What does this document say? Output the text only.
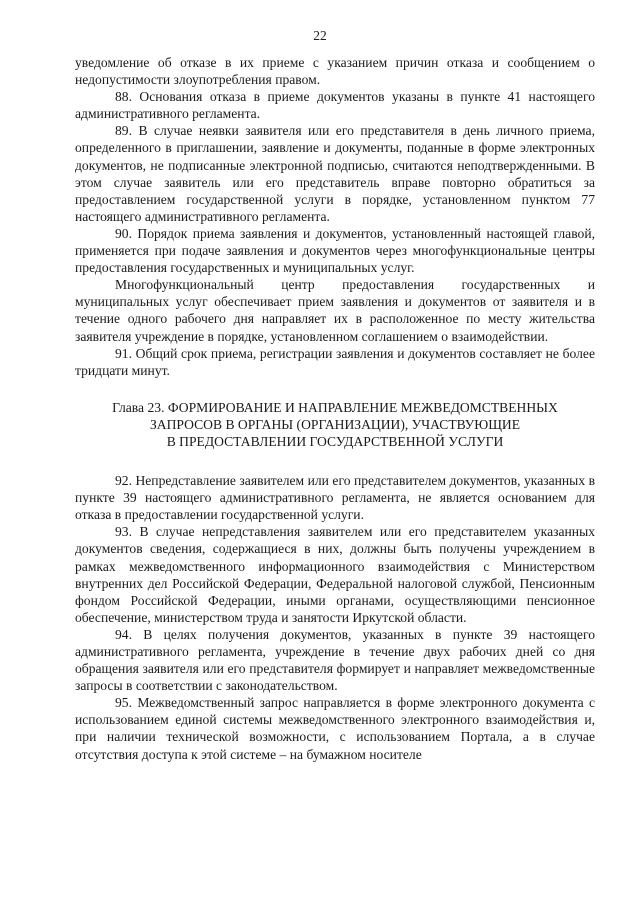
22

уведомление об отказе в их приеме с указанием причин отказа и сообщением о недопустимости злоупотребления правом.

88. Основания отказа в приеме документов указаны в пункте 41 настоящего административного регламента.

89. В случае неявки заявителя или его представителя в день личного приема, определенного в приглашении, заявление и документы, поданные в форме электронных документов, не подписанные электронной подписью, считаются неподтвержденными. В этом случае заявитель или его представитель вправе повторно обратиться за предоставлением государственной услуги в порядке, установленном пунктом 77 настоящего административного регламента.

90. Порядок приема заявления и документов, установленный настоящей главой, применяется при подаче заявления и документов через многофункциональные центры предоставления государственных и муниципальных услуг.

Многофункциональный центр предоставления государственных и муниципальных услуг обеспечивает прием заявления и документов от заявителя и в течение одного рабочего дня направляет их в расположенное по месту жительства заявителя учреждение в порядке, установленном соглашением о взаимодействии.

91. Общий срок приема, регистрации заявления и документов составляет не более тридцати минут.

Глава 23. ФОРМИРОВАНИЕ И НАПРАВЛЕНИЕ МЕЖВЕДОМСТВЕННЫХ
ЗАПРОСОВ В ОРГАНЫ (ОРГАНИЗАЦИИ), УЧАСТВУЮЩИЕ
В ПРЕДОСТАВЛЕНИИ ГОСУДАРСТВЕННОЙ УСЛУГИ

92. Непредставление заявителем или его представителем документов, указанных в пункте 39 настоящего административного регламента, не является основанием для отказа в предоставлении государственной услуги.

93. В случае непредставления заявителем или его представителем указанных документов сведения, содержащиеся в них, должны быть получены учреждением в рамках межведомственного информационного взаимодействия с Министерством внутренних дел Российской Федерации, Федеральной налоговой службой, Пенсионным фондом Российской Федерации, иными органами, осуществляющими пенсионное обеспечение, министерством труда и занятости Иркутской области.

94. В целях получения документов, указанных в пункте 39 настоящего административного регламента, учреждение в течение двух рабочих дней со дня обращения заявителя или его представителя формирует и направляет межведомственные запросы в соответствии с законодательством.

95. Межведомственный запрос направляется в форме электронного документа с использованием единой системы межведомственного электронного взаимодействия и, при наличии технической возможности, с использованием Портала, а в случае отсутствия доступа к этой системе – на бумажном носителе
